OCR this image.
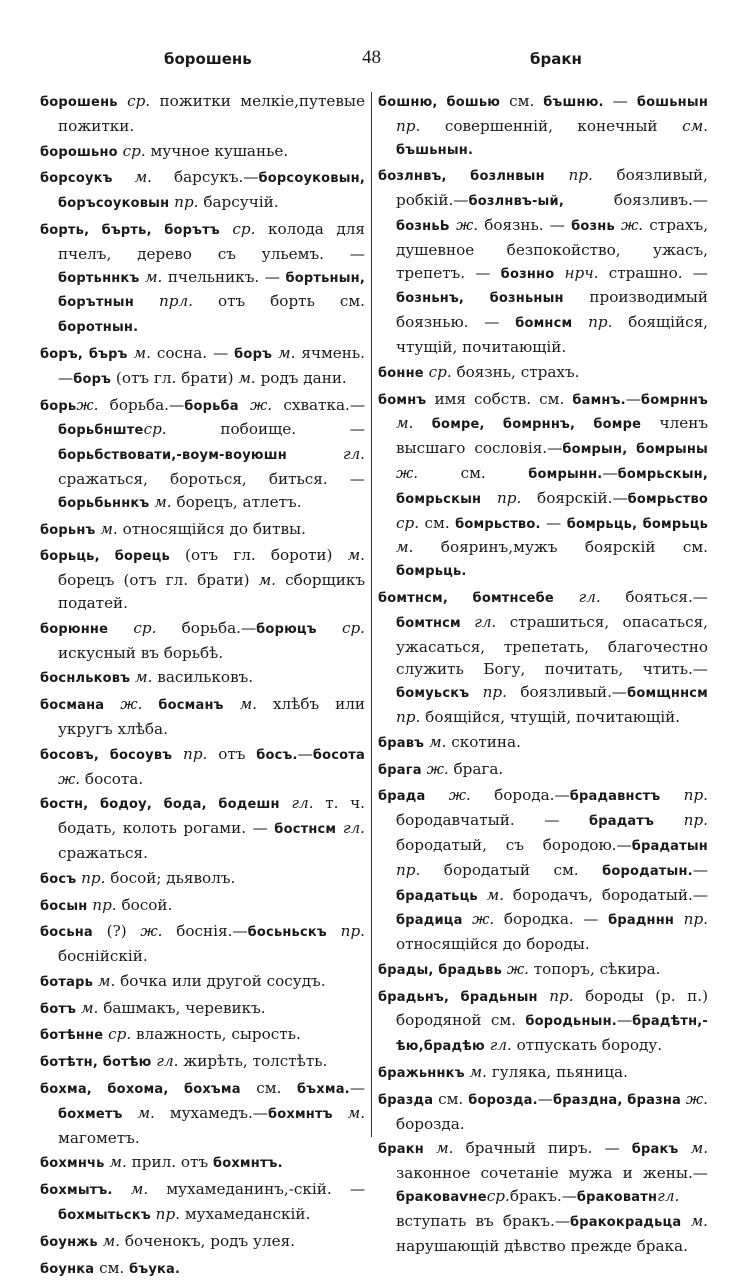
борошень	48	бракн

борошень ср. пожитки мелкіе,путевые пожитки.

борошьно ср. мучное кушанье.

борсоукъ м. барсукъ.—борсоуковын, боръсоуковын пр. барсучій.

борть, бърть, борътъ ср. колода для пчелъ, дерево съ ульемъ. — бортьннкъ м. пчельникъ. — бортьнын, борътнын прл. отъ борть см. боротнын.

боръ, бъръ м. сосна. — боръ м. ячмень.—боръ (отъ гл. брати) м. родъ дани.

борьж. борьба.—борьба ж. схватка.—борьбнштеср. побоище. — борьбствовати,-воум-воуюшн	гл. сражаться, бороться, биться. — борьбьннкъ м. борецъ, атлетъ.

борьнъ м. относящійся до битвы.

борьць, борець (отъ гл. бороти) м. борецъ (отъ гл. брати) м. сборщикъ податей.

борюнне ср. борьба.—борюцъ ср. искусный въ борьбѣ.

боснльковъ м. васильковъ.

босмана ж. босманъ м. хлѣбъ или укругъ хлѣба.

босовъ, босоувъ пр. отъ босъ.—босота ж. босота.

бостн, бодоу, бода, бодешн гл. т. ч. бодать, колоть рогами. — бостнсм гл. сражаться.

босъ пр. босой; дьяволъ.

босын пр. босой.

босьна (?) ж. боснія.—босьньскъ пр. боснійскій.

ботарь м. бочка или другой сосудъ.

ботъ м. башмакъ, черевикъ.

ботѣнне ср. влажность, сырость.

ботѣтн, ботѣю гл. жирѣть, толстѣть.

бохма, бохома, бохъма см. бъхма.—бохметъ м. мухамедъ.—бохмнтъ м. магометъ.

бохмнчь м. прил. отъ бохмнтъ.

бохмытъ. м. мухамеданинъ,-скій. — бохмытьскъ пр. мухамеданскій.

боунжь м. боченокъ, родъ улея.

боунка см. бъука.

бошню, бошью см. бъшню. — бошьнын пр. совершенній, конечный см. бъшьнын.

бозлнвъ, бозлнвын пр. боязливый, робкій.—бозлнвъ-ый, боязливъ.—бозньЬ ж. боязнь. — бознь ж. страхъ, душевное безпокойство, ужасъ, трепетъ. — бознно нрч. страшно. — бозньнъ, бозньнын производимый боязнью. — бомнсм пр. боящійся, чтущій, почитающій.

бонне ср. боязнь, страхъ.

бомнъ имя собств. см. бамнъ.—бомрннъ м. бомре, бомрннъ, бомре членъ высшаго сословія.—бомрын, бомрыны ж. см. бомрынн.—бомрьскын, бомрьскын пр. боярскій.—бомрьство ср. см. бомрьство. — бомрьць, бомрьць м. бояринъ,мужъ боярскій см. бомрьць.

бомтнсм, бомтнсебе гл. бояться.—бомтнсм гл. страшиться, опасаться, ужасаться, трепетать, благочестно служить Богу, почитать, чтить.—бомуьскъ пр. боязливый.—бомщннсм пр. боящійся, чтущій, почитающій.

бравъ м. скотина.

брага ж. брага.

брада ж. борода.—брадавнстъ пр. бородавчатый. — брадатъ пр. бородатый, съ бородою.—брадатын пр. бородатый см. бородатын.—брадатьць м. бородачъ, бородатый.—брадица ж. бородка. — брадннн пр. относящійся до бороды.

брады, брадьвь ж. топоръ, сѣкира.

брадьнъ, брадьнын пр. бороды (р. п.) бородяной см. бородьнын.—брадѣтн,-ѣю,брадѣю гл. отпускать бороду.

бражьннкъ м. гуляка, пьяница.

бразда см. борозда.—браздна, бразна ж. борозда.

бракн м. брачный пиръ. — бракъ м. законное сочетаніе мужа и жены.—браковаѵнеср.бракъ.—браковатнгл. вступать въ бракъ.—бракокрадьца м. нарушающій дѣвство прежде брака.
